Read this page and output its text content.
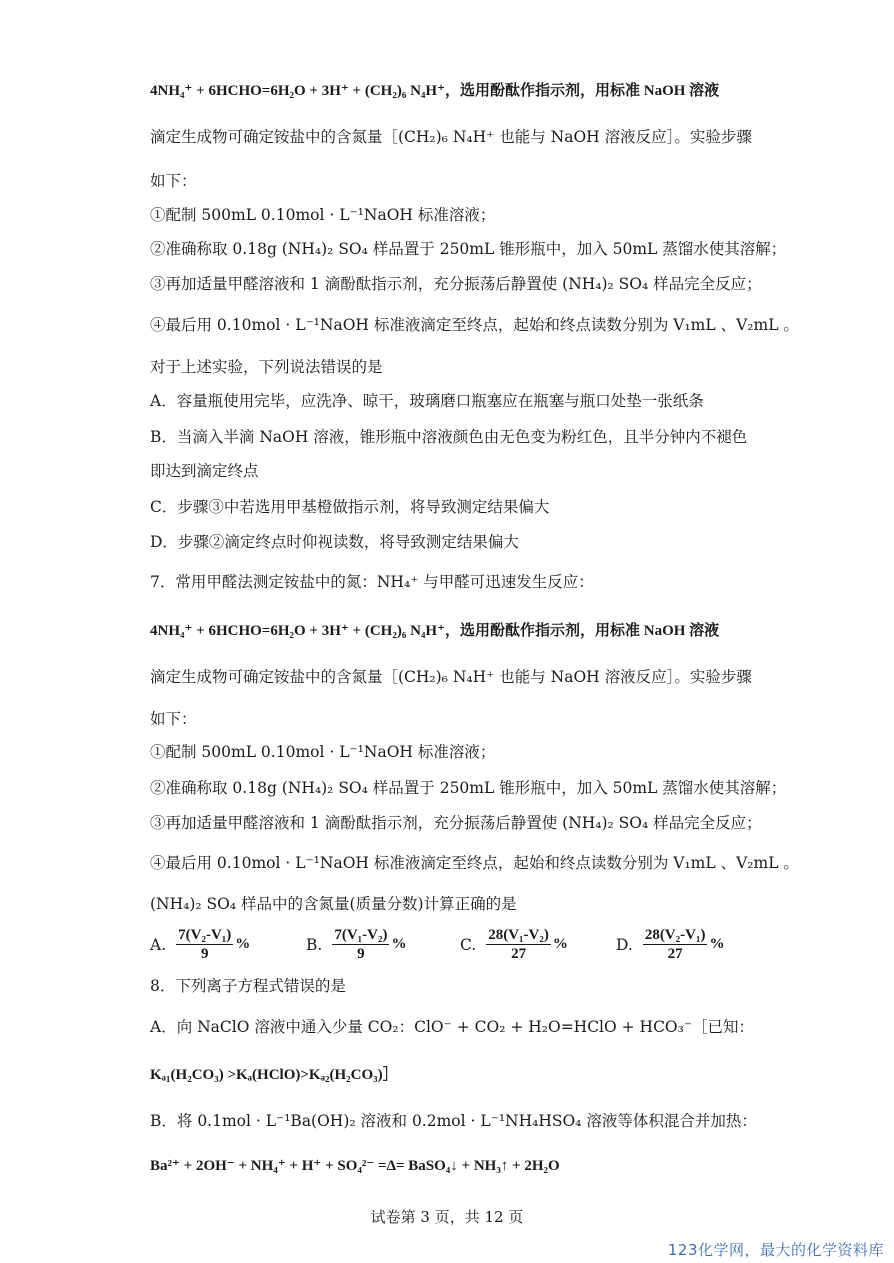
4NH₄⁺ + 6HCHO=6H₂O + 3H⁺ + (CH₂)₆ N₄H⁺，选用酚酞作指示剂，用标准 NaOH 溶液
滴定生成物可确定铵盐中的含氮量［(CH₂)₆ N₄H⁺ 也能与 NaOH 溶液反应］。实验步骤
如下：
①配制 500mL 0.10mol · L⁻¹NaOH 标准溶液；
②准确称取 0.18g (NH₄)₂ SO₄ 样品置于 250mL 锥形瓶中，加入 50mL 蒸馏水使其溶解；
③再加适量甲醛溶液和 1 滴酚酞指示剂，充分振荡后静置使 (NH₄)₂ SO₄ 样品完全反应；
④最后用 0.10mol · L⁻¹NaOH 标准液滴定至终点，起始和终点读数分别为 V₁mL 、V₂mL 。
对于上述实验，下列说法错误的是
A．容量瓶使用完毕，应洗净、晾干，玻璃磨口瓶塞应在瓶塞与瓶口处垫一张纸条
B．当滴入半滴 NaOH 溶液，锥形瓶中溶液颜色由无色变为粉红色，且半分钟内不褪色
即达到滴定终点
C．步骤③中若选用甲基橙做指示剂，将导致测定结果偏大
D．步骤②滴定终点时仰视读数，将导致测定结果偏大
7．常用甲醛法测定铵盐中的氮：NH₄⁺ 与甲醛可迅速发生反应：
4NH₄⁺ + 6HCHO=6H₂O + 3H⁺ + (CH₂)₆ N₄H⁺，选用酚酞作指示剂，用标准 NaOH 溶液
滴定生成物可确定铵盐中的含氮量［(CH₂)₆ N₄H⁺ 也能与 NaOH 溶液反应］。实验步骤
如下：
①配制 500mL 0.10mol · L⁻¹NaOH 标准溶液；
②准确称取 0.18g (NH₄)₂ SO₄ 样品置于 250mL 锥形瓶中，加入 50mL 蒸馏水使其溶解；
③再加适量甲醛溶液和 1 滴酚酞指示剂，充分振荡后静置使 (NH₄)₂ SO₄ 样品完全反应；
④最后用 0.10mol · L⁻¹NaOH 标准液滴定至终点，起始和终点读数分别为 V₁mL 、V₂mL 。
(NH₄)₂ SO₄ 样品中的含氮量(质量分数)计算正确的是
A. $\frac{\text{7(V₂-V₁)}}{9}$ %	B. $\frac{\text{7(V₁-V₂)}}{9}$ %	C. $\frac{\text{28(V₁-V₂)}}{27}$ %	D. $\frac{\text{28(V₂-V₁)}}{27}$ %
8．下列离子方程式错误的是
A．向 NaClO 溶液中通入少量 CO₂：ClO⁻ + CO₂ + H₂O=HClO + HCO₃⁻［已知：
Kₐ₁(H₂CO₃) >Kₐ(HClO)>Kₐ₂(H₂CO₃)］
B．将 0.1mol · L⁻¹Ba(OH)₂ 溶液和 0.2mol · L⁻¹NH₄HSO₄ 溶液等体积混合并加热：
Ba²⁺ + 2OH⁻ + NH₄⁺ + H⁺ + SO₄²⁻ =Δ= BaSO₄↓ + NH₃↑ + 2H₂O
试卷第 3 页，共 12 页
123化学网，最大的化学资料库
